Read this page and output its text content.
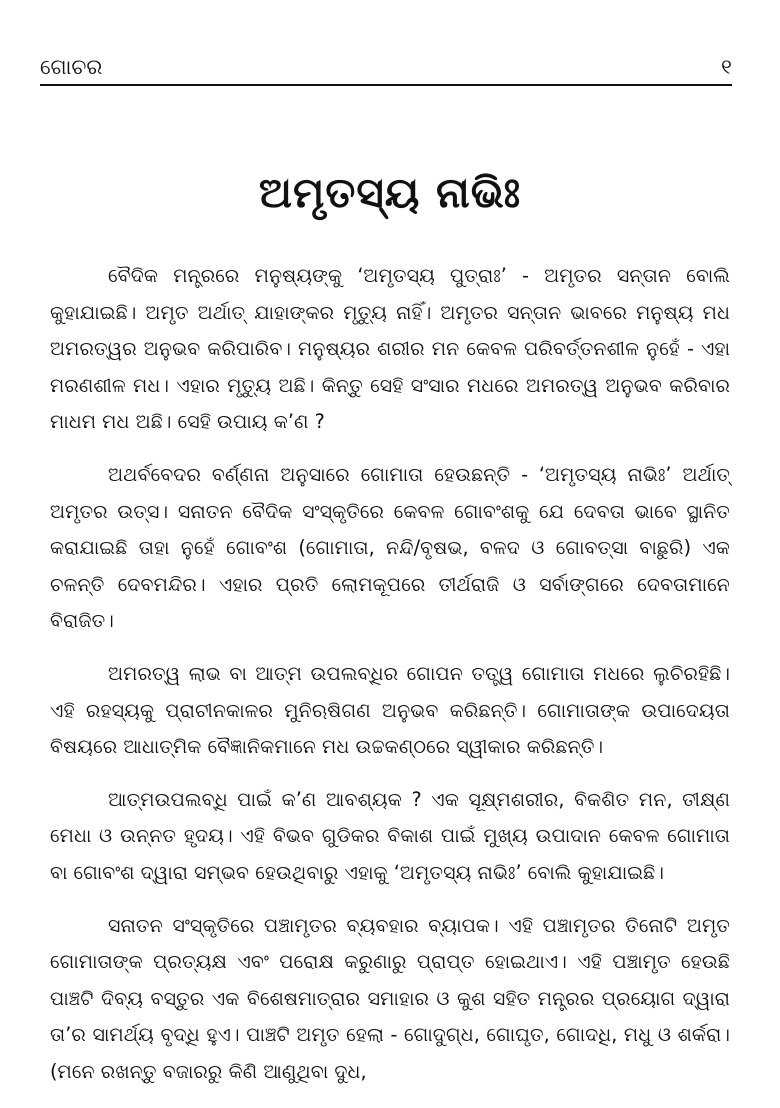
ଗୋଚର	୧
ଅମୃତସ୍ୟ ନାଭିଃ

ବୈଦିକ ମନ୍ତ୍ରରେ ମନୁଷ୍ୟଙ୍କୁ ‘ଅମୃତସ୍ୟ ପୁତ୍ରାଃ’ - ଅମୃତର ସନ୍ତାନ ବୋଲି କୁହାଯାଇଛି। ଅମୃତ ଅର୍ଥାତ୍ ଯାହାଙ୍କର ମୃତ୍ୟୁ ନାହିଁ। ଅମୃତର ସନ୍ତାନ ଭାବରେ ମନୁଷ୍ୟ ମଧ ଅମରତ୍ୱର ଅନୁଭବ କରିପାରିବ। ମନୁଷ୍ୟର ଶରୀର ମନ କେବଳ ପରିବର୍ତ୍ତନଶୀଳ ନୁହେଁ - ଏହା ମରଣଶୀଳ ମଧ। ଏହାର ମୃତ୍ୟୁ ଅଛି। କିନ୍ତୁ ସେହି ସଂସାର ମଧରେ ଅମରତ୍ୱ ଅନୁଭବ କରିବାର ମାଧମ ମଧ ଅଛି। ସେହି ଉପାୟ କ’ଣ ?

ଅଥର୍ବବେଦର ବର୍ଣ୍ଣନା ଅନୁସାରେ ଗୋମାତା ହେଉଛନ୍ତି - ‘ଅମୃତସ୍ୟ ନାଭିଃ’ ଅର୍ଥାତ୍ ଅମୃତର ଉତ୍ସ। ସନାତନ ବୈଦିକ ସଂସ୍କୃତିରେ କେବଳ ଗୋବଂଶକୁ ଯେ ଦେବତା ଭାବେ ସ୍ଥାନିତ କରାଯାଇଛି ତାହା ନୁହେଁ ଗୋବଂଶ (ଗୋମାତା, ନନ୍ଦି/ବୃଷଭ, ବଳଦ ଓ ଗୋବତ୍ସା ବାଛୁରି) ଏକ ଚଳନ୍ତି ଦେବମନ୍ଦିର। ଏହାର ପ୍ରତି ଲୋମକୂପରେ ତୀର୍ଥରାଜି ଓ ସର୍ବାଙ୍ଗରେ ଦେବତାମାନେ ବିରାଜିତ।

ଅମରତ୍ୱ ଲାଭ ବା ଆତ୍ମ ଉପଲବ୍ଧିର ଗୋପନ ତତ୍ତ୍ୱ ଗୋମାତା ମଧରେ ଲୁଚିରହିଛି। ଏହି ରହସ୍ୟକୁ ପ୍ରାଚୀନକାଳର ମୁନିଋଷିଗଣ ଅନୁଭବ କରିଛନ୍ତି। ଗୋମାତାଙ୍କ ଉପାଦେୟତା ବିଷୟରେ ଆଧାତ୍ମିକ ବୈଜ୍ଞାନିକମାନେ ମଧ ଉଚ୍ଚକଣ୍ଠରେ ସ୍ୱୀକାର କରିଛନ୍ତି।

ଆତ୍ମଉପଲବ୍ଧି ପାଇଁ କ’ଣ ଆବଶ୍ୟକ ? ଏକ ସୂକ୍ଷ୍ମଶରୀର, ବିକଶିତ ମନ, ତୀକ୍ଷ୍ଣ ମେଧା ଓ ଉନ୍ନତ ହୃଦୟ। ଏହି ବିଭବ ଗୁଡିକର ବିକାଶ ପାଇଁ ମୁଖ୍ୟ ଉପାଦାନ କେବଳ ଗୋମାତା ବା ଗୋବଂଶ ଦ୍ୱାରା ସମ୍ଭବ ହେଉଥିବାରୁ ଏହାକୁ ‘ଅମୃତସ୍ୟ ନାଭିଃ’ ବୋଲି କୁହାଯାଇଛି।

ସନାତନ ସଂସ୍କୃତିରେ ପଞ୍ଚାମୃତର ବ୍ୟବହାର ବ୍ୟାପକ। ଏହି ପଞ୍ଚାମୃତର ତିନୋଟି ଅମୃତ ଗୋମାତାଙ୍କ ପ୍ରତ୍ୟକ୍ଷ ଏବଂ ପରୋକ୍ଷ କରୁଣାରୁ ପ୍ରାପ୍ତ ହୋଇଥାଏ। ଏହି ପଞ୍ଚାମୃତ ହେଉଛି ପାଞ୍ଚଟି ଦିବ୍ୟ ବସ୍ତୁର ଏକ ବିଶେଷମାତ୍ରାର ସମାହାର ଓ କୁଶ ସହିତ ମନ୍ତ୍ରର ପ୍ରୟୋଗ ଦ୍ୱାରା ତା’ର ସାମର୍ଥ୍ୟ ବୃଦ୍ଧି ହୁଏ। ପାଞ୍ଚଟି ଅମୃତ ହେଲା - ଗୋଦୁଗ୍ଧ, ଗୋଘୃତ, ଗୋଦଧି, ମଧୁ ଓ ଶର୍କରା। (ମନେ ରଖନ୍ତୁ ବଜାରରୁ କିଣି ଆଣୁଥିବା ଦୁଧ,
